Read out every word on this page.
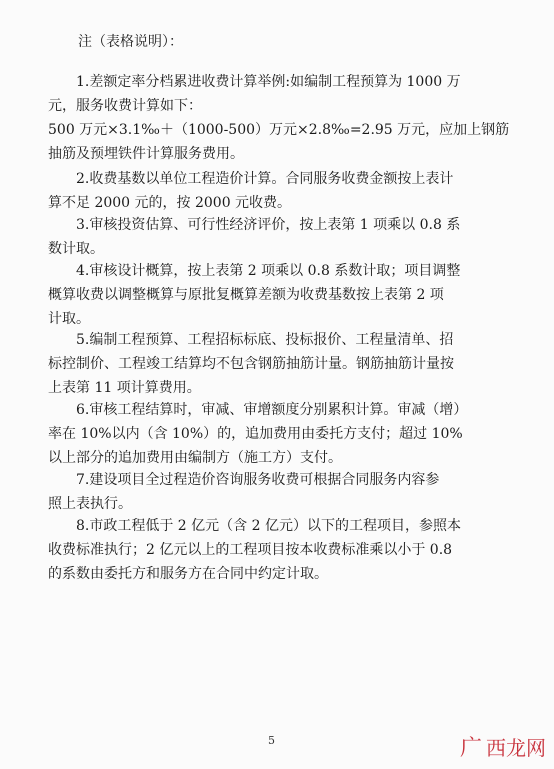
注（表格说明）：
1.差额定率分档累进收费计算举例:如编制工程预算为 1000 万
元，服务收费计算如下：
500 万元×3.1‰＋（1000-500）万元×2.8‰=2.95 万元，应加上钢筋
抽筋及预埋铁件计算服务费用。
2.收费基数以单位工程造价计算。合同服务收费金额按上表计
算不足 2000 元的，按 2000 元收费。
3.审核投资估算、可行性经济评价，按上表第 1 项乘以 0.8 系
数计取。
4.审核设计概算，按上表第 2 项乘以 0.8 系数计取；项目调整
概算收费以调整概算与原批复概算差额为收费基数按上表第 2 项
计取。
5.编制工程预算、工程招标标底、投标报价、工程量清单、招
标控制价、工程竣工结算均不包含钢筋抽筋计量。钢筋抽筋计量按
上表第 11 项计算费用。
6.审核工程结算时，审减、审增额度分别累积计算。审减（增）
率在 10%以内（含 10%）的，追加费用由委托方支付；超过 10%
以上部分的追加费用由编制方（施工方）支付。
7.建设项目全过程造价咨询服务收费可根据合同服务内容参
照上表执行。
8.市政工程低于 2 亿元（含 2 亿元）以下的工程项目，参照本
收费标准执行；2 亿元以上的工程项目按本收费标准乘以小于 0.8
的系数由委托方和服务方在合同中约定计取。
5	广 西龙网
